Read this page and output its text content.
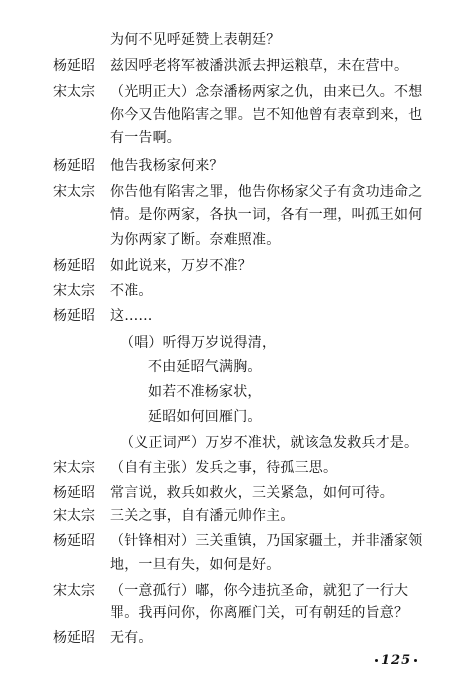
为何不见呼延赞上表朝廷？
杨延昭 兹因呼老将军被潘洪派去押运粮草，未在营中。
宋太宗 （光明正大）念奈潘杨两家之仇，由来已久。不想
你今又告他陷害之罪。岂不知他曾有表章到来，也
有一告啊。
杨延昭 他告我杨家何来？
宋太宗 你告他有陷害之罪，他告你杨家父子有贪功违命之
情。是你两家，各执一词，各有一理，叫孤王如何
为你两家了断。奈难照准。
杨延昭 如此说来，万岁不准？
宋太宗 不准。
杨延昭 这……
（唱）听得万岁说得清，
不由延昭气满胸。
如若不准杨家状，
延昭如何回雁门。
（义正词严）万岁不准状，就该急发救兵才是。
宋太宗 （自有主张）发兵之事，待孤三思。
杨延昭 常言说，救兵如救火，三关紧急，如何可待。
宋太宗 三关之事，自有潘元帅作主。
杨延昭 （针锋相对）三关重镇，乃国家疆土，并非潘家领
地，一旦有失，如何是好。
宋太宗 （一意孤行）嘟，你今违抗圣命，就犯了一行大
罪。我再问你，你离雁门关，可有朝廷的旨意？
杨延昭 无有。
125
